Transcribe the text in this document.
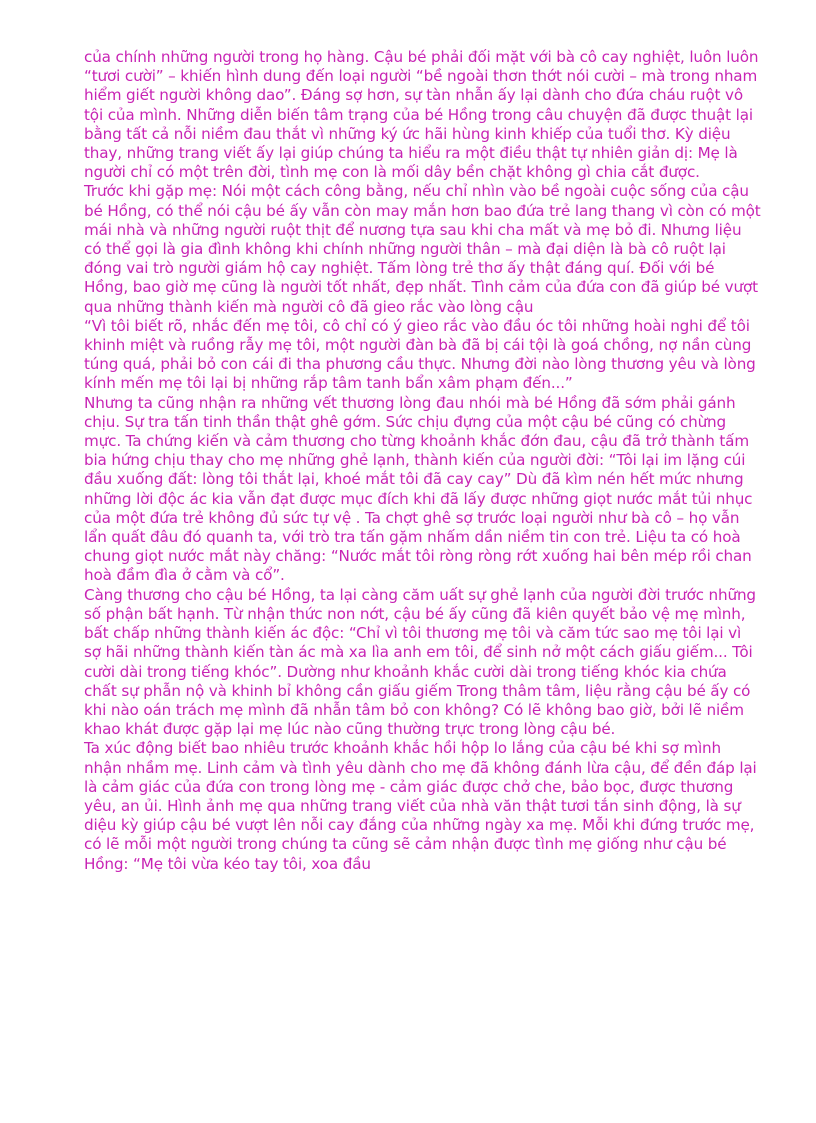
của chính những người trong họ hàng. Cậu bé phải đối mặt với bà cô cay nghiệt, luôn luôn “tươi cười” – khiến hình dung đến loại người “bề ngoài thơn thớt nói cười – mà trong nham hiểm giết người không dao”. Đáng sợ hơn, sự tàn nhẫn ấy lại dành cho đứa cháu ruột vô tội của mình. Những diễn biến tâm trạng của bé Hồng trong câu chuyện đã được thuật lại bằng tất cả nỗi niềm đau thắt vì những ký ức hãi hùng kinh khiếp của tuổi thơ. Kỳ diệu thay, những trang viết ấy lại giúp chúng ta hiểu ra một điều thật tự nhiên giản dị: Mẹ là người chỉ có một trên đời, tình mẹ con là mối dây bền chặt không gì chia cắt được.

Trước khi gặp mẹ: Nói một cách công bằng, nếu chỉ nhìn vào bề ngoài cuộc sống của cậu bé Hồng, có thể nói cậu bé ấy vẫn còn may mắn hơn bao đứa trẻ lang thang vì còn có một mái nhà và những người ruột thịt để nương tựa sau khi cha mất và mẹ bỏ đi. Nhưng liệu có thể gọi là gia đình không khi chính những người thân – mà đại diện là bà cô ruột lại đóng vai trò người giám hộ cay nghiệt. Tấm lòng trẻ thơ ấy thật đáng quí. Đối với bé Hồng, bao giờ mẹ cũng là người tốt nhất, đẹp nhất. Tình cảm của đứa con đã giúp bé vượt qua những thành kiến mà người cô đã gieo rắc vào lòng cậu

“Vì tôi biết rõ, nhắc đến mẹ tôi, cô chỉ có ý gieo rắc vào đầu óc tôi những hoài nghi để tôi khinh miệt và ruồng rẫy mẹ tôi, một người đàn bà đã bị cái tội là goá chồng, nợ nần cùng túng quá, phải bỏ con cái đi tha phương cầu thực. Nhưng đời nào lòng thương yêu và lòng kính mến mẹ tôi lại bị những rắp tâm tanh bẩn xâm phạm đến...”

Nhưng ta cũng nhận ra những vết thương lòng đau nhói mà bé Hồng đã sớm phải gánh chịu. Sự tra tấn tinh thần thật ghê gớm. Sức chịu đựng của một cậu bé cũng có chừng mực. Ta chứng kiến và cảm thương cho từng khoảnh khắc đớn đau, cậu đã trở thành tấm bia hứng chịu thay cho mẹ những ghẻ lạnh, thành kiến của người đời: “Tôi lại im lặng cúi đầu xuống đất: lòng tôi thắt lại, khoé mắt tôi đã cay cay” Dù đã kìm nén hết mức nhưng những lời độc ác kia vẫn đạt được mục đích khi đã lấy được những giọt nước mắt tủi nhục của một đứa trẻ không đủ sức tự vệ . Ta chợt ghê sợ trước loại người như bà cô – họ vẫn lẩn quất đâu đó quanh ta, với trò tra tấn gặm nhấm dần niềm tin con trẻ. Liệu ta có hoà chung giọt nước mắt này chăng: “Nước mắt tôi ròng ròng rớt xuống hai bên mép rồi chan hoà đầm đìa ở cằm và cổ”.

Càng thương cho cậu bé Hồng, ta lại càng căm uất sự ghẻ lạnh của người đời trước những số phận bất hạnh. Từ nhận thức non nớt, cậu bé ấy cũng đã kiên quyết bảo vệ mẹ mình, bất chấp những thành kiến ác độc: “Chỉ vì tôi thương mẹ tôi và căm tức sao mẹ tôi lại vì sợ hãi những thành kiến tàn ác mà xa lìa anh em tôi, để sinh nở một cách giấu giếm... Tôi cười dài trong tiếng khóc”. Dường như khoảnh khắc cười dài trong tiếng khóc kia chứa chất sự phẫn nộ và khinh bỉ không cần giấu giếm Trong thâm tâm, liệu rằng cậu bé ấy có khi nào oán trách mẹ mình đã nhẫn tâm bỏ con không? Có lẽ không bao giờ, bởi lẽ niềm khao khát được gặp lại mẹ lúc nào cũng thường trực trong lòng cậu bé.

Ta xúc động biết bao nhiêu trước khoảnh khắc hồi hộp lo lắng của cậu bé khi sợ mình nhận nhầm mẹ. Linh cảm và tình yêu dành cho mẹ đã không đánh lừa cậu, để đền đáp lại là cảm giác của đứa con trong lòng mẹ - cảm giác được chở che, bảo bọc, được thương yêu, an ủi. Hình ảnh mẹ qua những trang viết của nhà văn thật tươi tắn sinh động, là sự diệu kỳ giúp cậu bé vượt lên nỗi cay đắng của những ngày xa mẹ. Mỗi khi đứng trước mẹ, có lẽ mỗi một người trong chúng ta cũng sẽ cảm nhận được tình mẹ giống như cậu bé Hồng: “Mẹ tôi vừa kéo tay tôi, xoa đầu
